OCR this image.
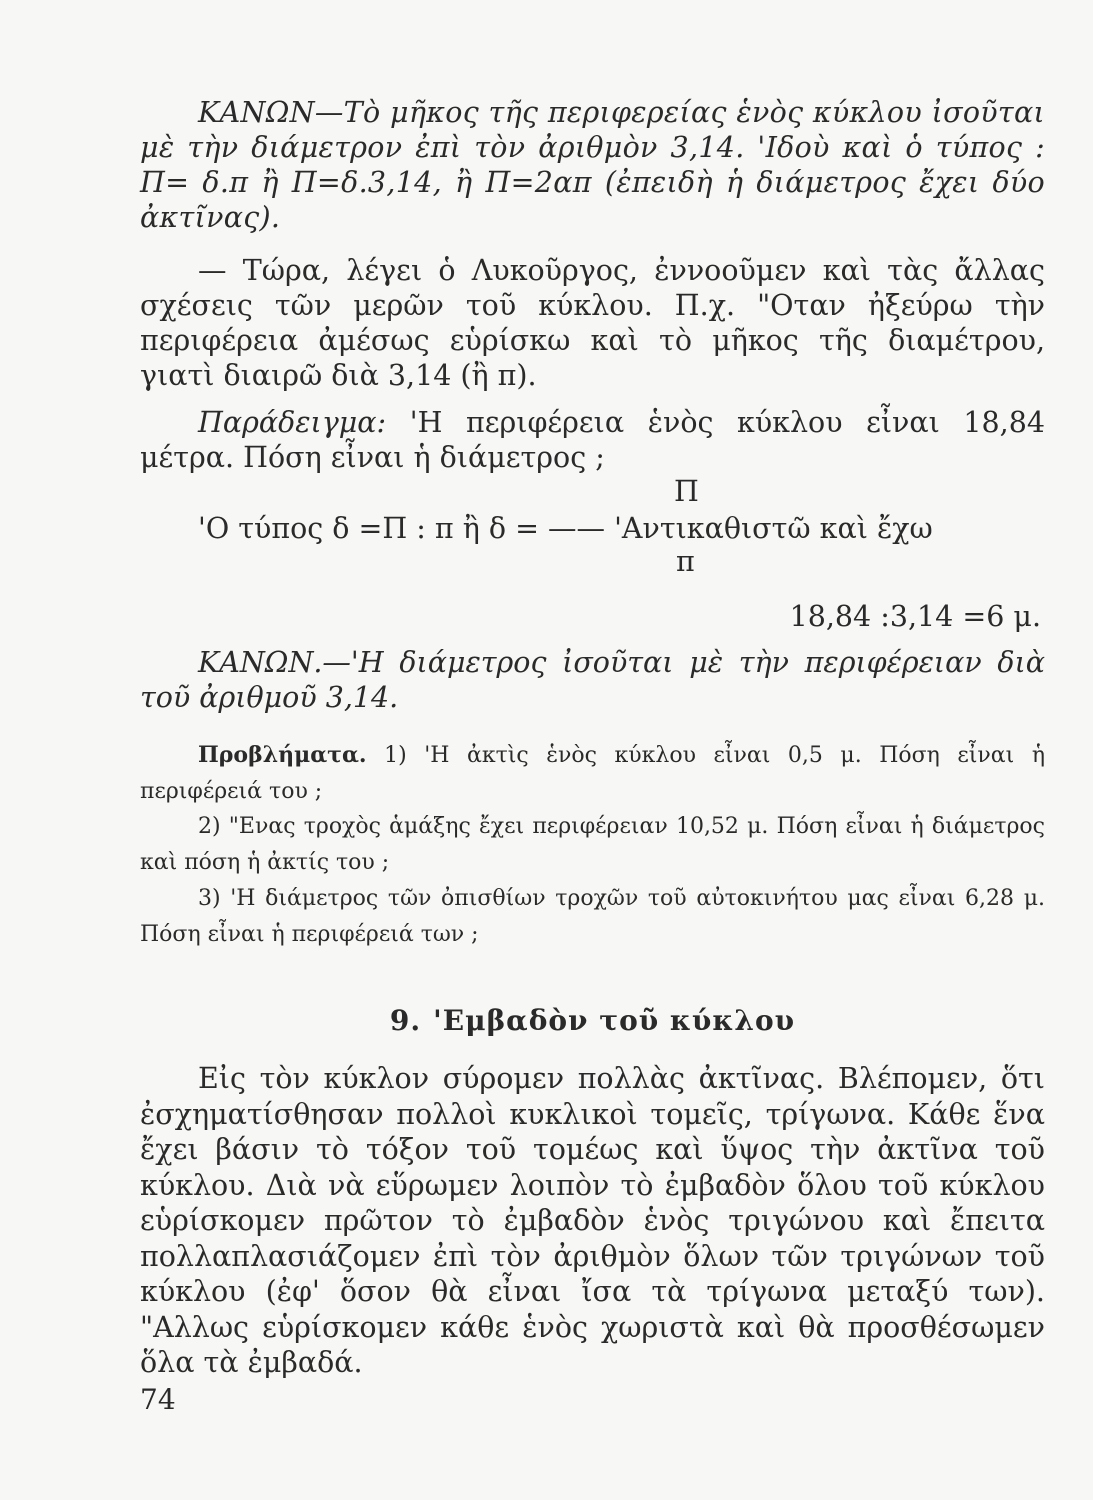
ΚΑΝΩΝ—Τὸ μῆκος τῆς περιφερείας ἑνὸς κύκλου ἰσοῦται μὲ τὴν διάμετρον ἐπὶ τὸν ἀριθμὸν 3,14. 'Ιδοὺ καὶ ὁ τύπος : Π= δ.π ἢ Π=δ.3,14, ἢ Π=2απ (ἐπειδὴ ἡ διάμετρος ἔχει δύο ἀκτῖνας).

— Τώρα, λέγει ὁ Λυκοῦργος, ἐννοοῦμεν καὶ τὰς ἄλλας σχέσεις τῶν μερῶν τοῦ κύκλου. Π.χ. "Οταν ἠξεύρω τὴν περιφέρεια ἀμέσως εὑρίσκω καὶ τὸ μῆκος τῆς διαμέτρου, γιατὶ διαιρῶ διὰ 3,14 (ἢ π).

Παράδειγμα: 'Η περιφέρεια ἑνὸς κύκλου εἶναι 18,84 μέτρα. Πόση εἶναι ἡ διάμετρος ;

Π
'Ο τύπος δ =Π : π ἢ δ = —— 'Αντικαθιστῶ καὶ ἔχω
π

18,84 :3,14 =6 μ.

ΚΑΝΩΝ.—'Η διάμετρος ἰσοῦται μὲ τὴν περιφέρειαν διὰ τοῦ ἀριθμοῦ 3,14.

Προβλήματα. 1) 'Η ἀκτὶς ἑνὸς κύκλου εἶναι 0,5 μ. Πόση εἶναι ἡ περιφέρειά του ;

2) "Ενας τροχὸς ἁμάξης ἔχει περιφέρειαν 10,52 μ. Πόση εἶναι ἡ διάμετρος καὶ πόση ἡ ἀκτίς του ;

3) 'Η διάμετρος τῶν ὀπισθίων τροχῶν τοῦ αὐτοκινήτου μας εἶναι 6,28 μ. Πόση εἶναι ἡ περιφέρειά των ;

9. 'Εμβαδὸν τοῦ κύκλου

Εἰς τὸν κύκλον σύρομεν πολλὰς ἀκτῖνας. Βλέπομεν, ὅτι ἐσχηματίσθησαν πολλοὶ κυκλικοὶ τομεῖς, τρίγωνα. Κάθε ἕνα ἔχει βάσιν τὸ τόξον τοῦ τομέως καὶ ὕψος τὴν ἀκτῖνα τοῦ κύκλου. Διὰ νὰ εὕρωμεν λοιπὸν τὸ ἐμβαδὸν ὅλου τοῦ κύκλου εὑρίσκομεν πρῶτον τὸ ἐμβαδὸν ἑνὸς τριγώνου καὶ ἔπειτα πολλαπλασιάζομεν ἐπὶ τὸν ἀριθμὸν ὅλων τῶν τριγώνων τοῦ κύκλου (ἐφ' ὅσον θὰ εἶναι ἴσα τὰ τρίγωνα μεταξύ των). "Αλλως εὑρίσκομεν κάθε ἑνὸς χωριστὰ καὶ θὰ προσθέσωμεν ὅλα τὰ ἐμβαδά.

74
